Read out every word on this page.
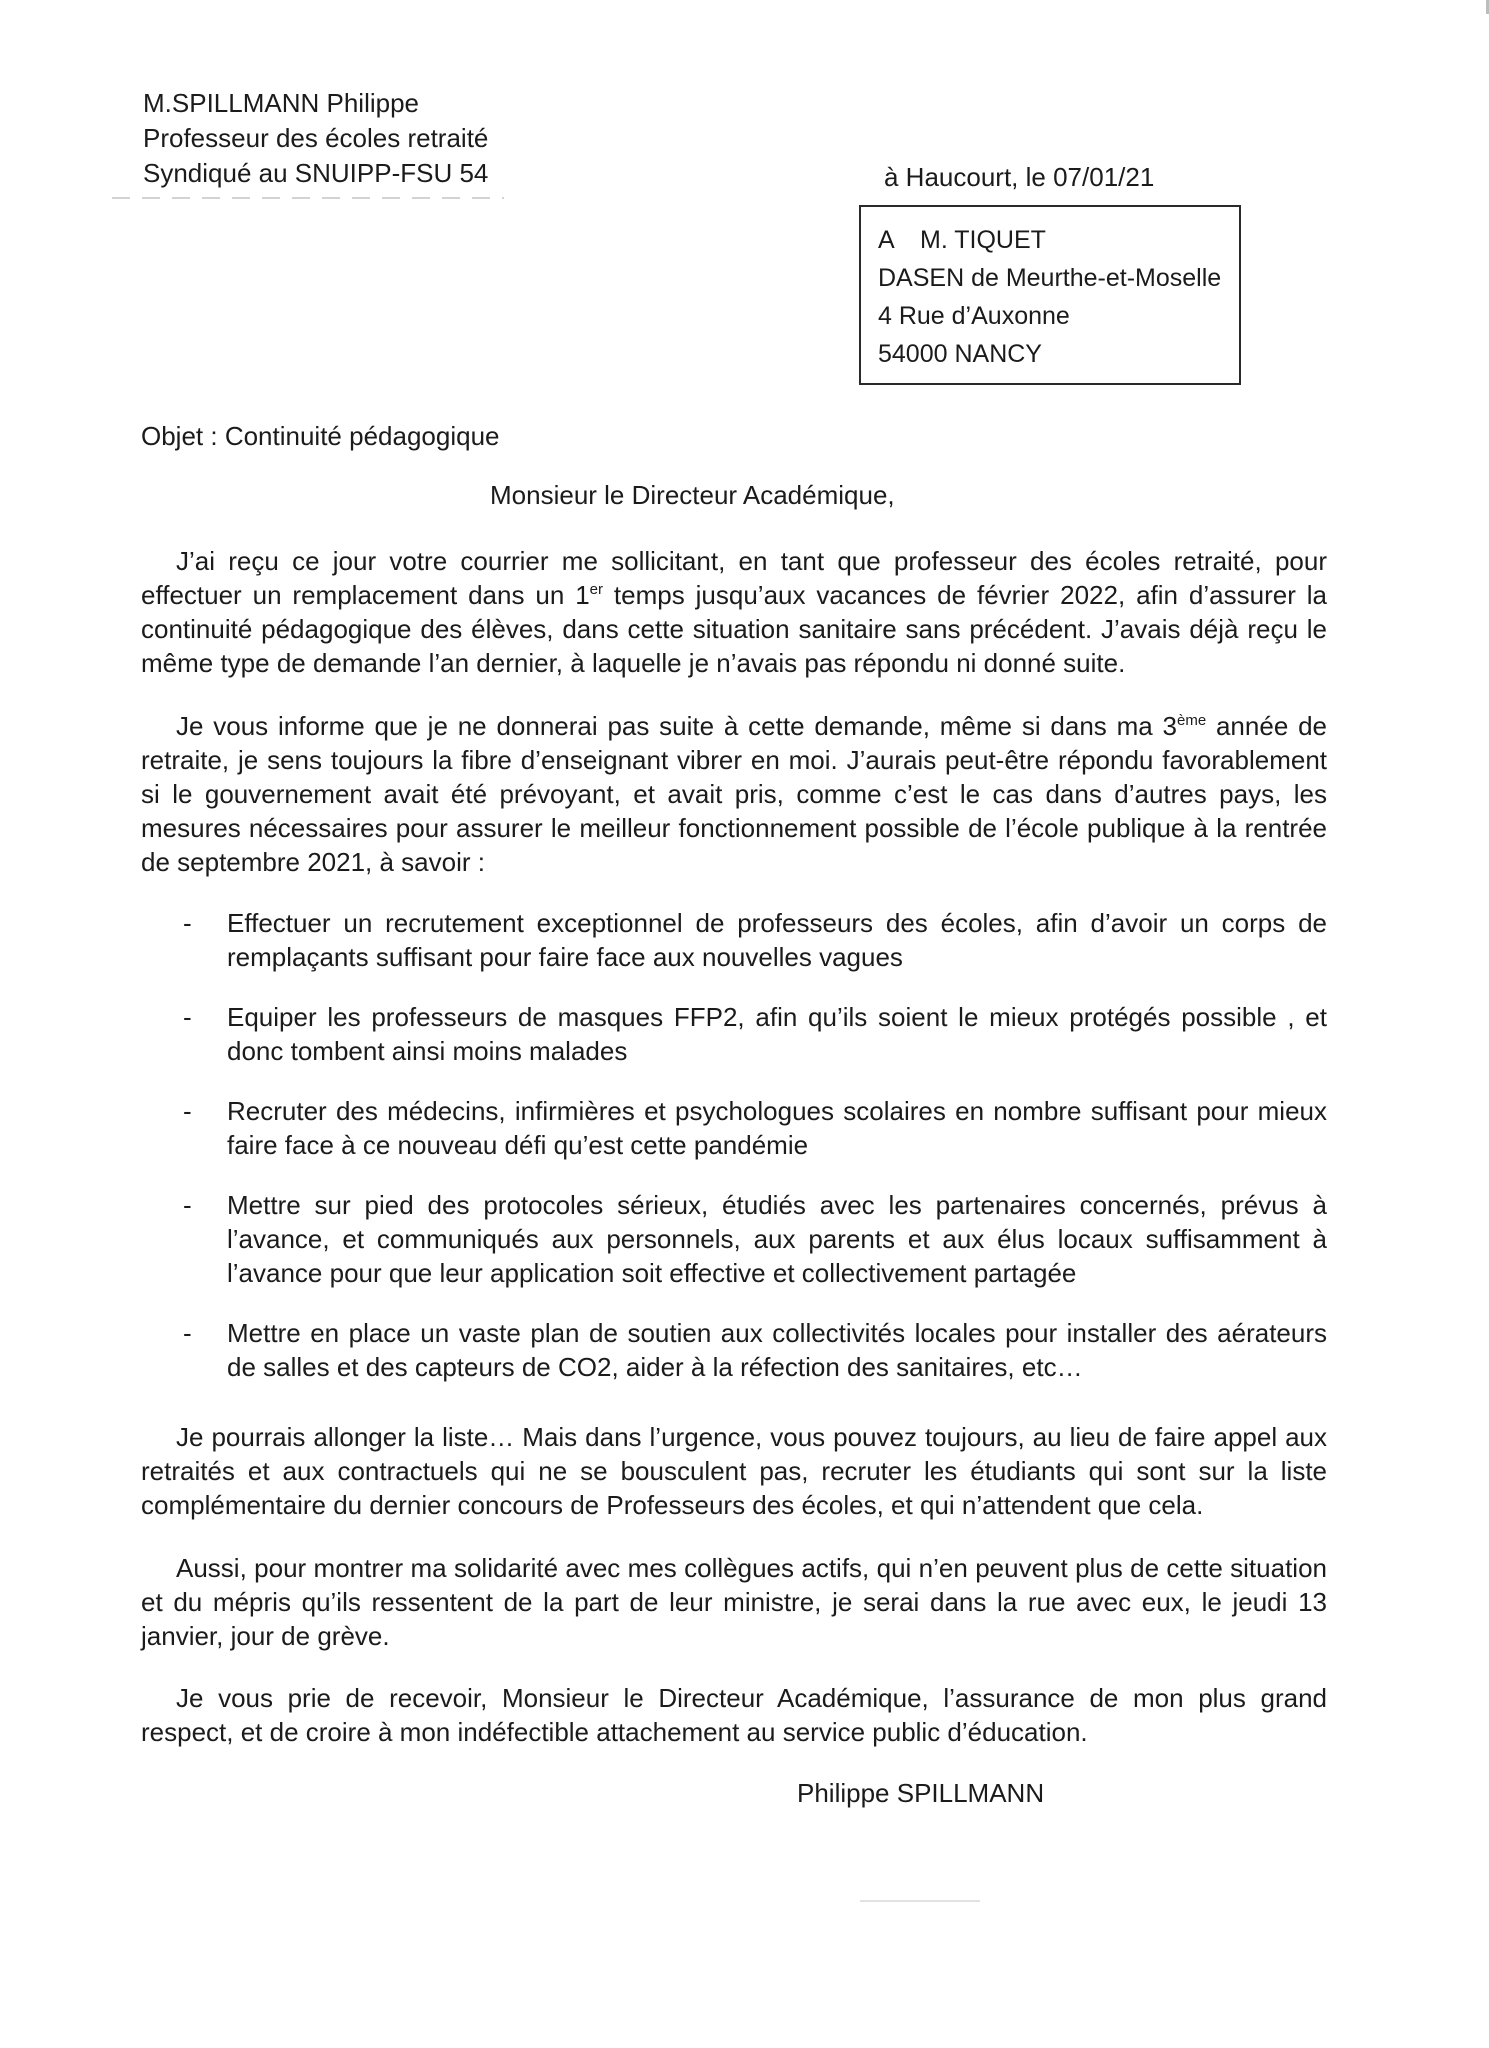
M.SPILLMANN Philippe
Professeur des écoles retraité
Syndiqué au SNUIPP-FSU 54	à Haucourt, le 07/01/21
A M. TIQUET
DASEN de Meurthe-et-Moselle
4 Rue d’Auxonne
54000 NANCY
Objet : Continuité pédagogique
Monsieur le Directeur Académique,

J’ai reçu ce jour votre courrier me sollicitant, en tant que professeur des écoles retraité, pour effectuer un remplacement dans un 1er temps jusqu’aux vacances de février 2022, afin d’assurer la continuité pédagogique des élèves, dans cette situation sanitaire sans précédent. J’avais déjà reçu le même type de demande l’an dernier, à laquelle je n’avais pas répondu ni donné suite.

Je vous informe que je ne donnerai pas suite à cette demande, même si dans ma 3ème année de retraite, je sens toujours la fibre d’enseignant vibrer en moi. J’aurais peut-être répondu favorablement si le gouvernement avait été prévoyant, et avait pris, comme c’est le cas dans d’autres pays, les mesures nécessaires pour assurer le meilleur fonctionnement possible de l’école publique à la rentrée de septembre 2021, à savoir :

- Effectuer un recrutement exceptionnel de professeurs des écoles, afin d’avoir un corps de remplaçants suffisant pour faire face aux nouvelles vagues

- Equiper les professeurs de masques FFP2, afin qu’ils soient le mieux protégés possible , et donc tombent ainsi moins malades

- Recruter des médecins, infirmières et psychologues scolaires en nombre suffisant pour mieux faire face à ce nouveau défi qu’est cette pandémie

- Mettre sur pied des protocoles sérieux, étudiés avec les partenaires concernés, prévus à l’avance, et communiqués aux personnels, aux parents et aux élus locaux suffisamment à l’avance pour que leur application soit effective et collectivement partagée

- Mettre en place un vaste plan de soutien aux collectivités locales pour installer des aérateurs de salles et des capteurs de CO2, aider à la réfection des sanitaires, etc…

Je pourrais allonger la liste… Mais dans l’urgence, vous pouvez toujours, au lieu de faire appel aux retraités et aux contractuels qui ne se bousculent pas, recruter les étudiants qui sont sur la liste complémentaire du dernier concours de Professeurs des écoles, et qui n’attendent que cela.

Aussi, pour montrer ma solidarité avec mes collègues actifs, qui n’en peuvent plus de cette situation et du mépris qu’ils ressentent de la part de leur ministre, je serai dans la rue avec eux, le jeudi 13 janvier, jour de grève.

Je vous prie de recevoir, Monsieur le Directeur Académique, l’assurance de mon plus grand respect, et de croire à mon indéfectible attachement au service public d’éducation.

Philippe SPILLMANN
